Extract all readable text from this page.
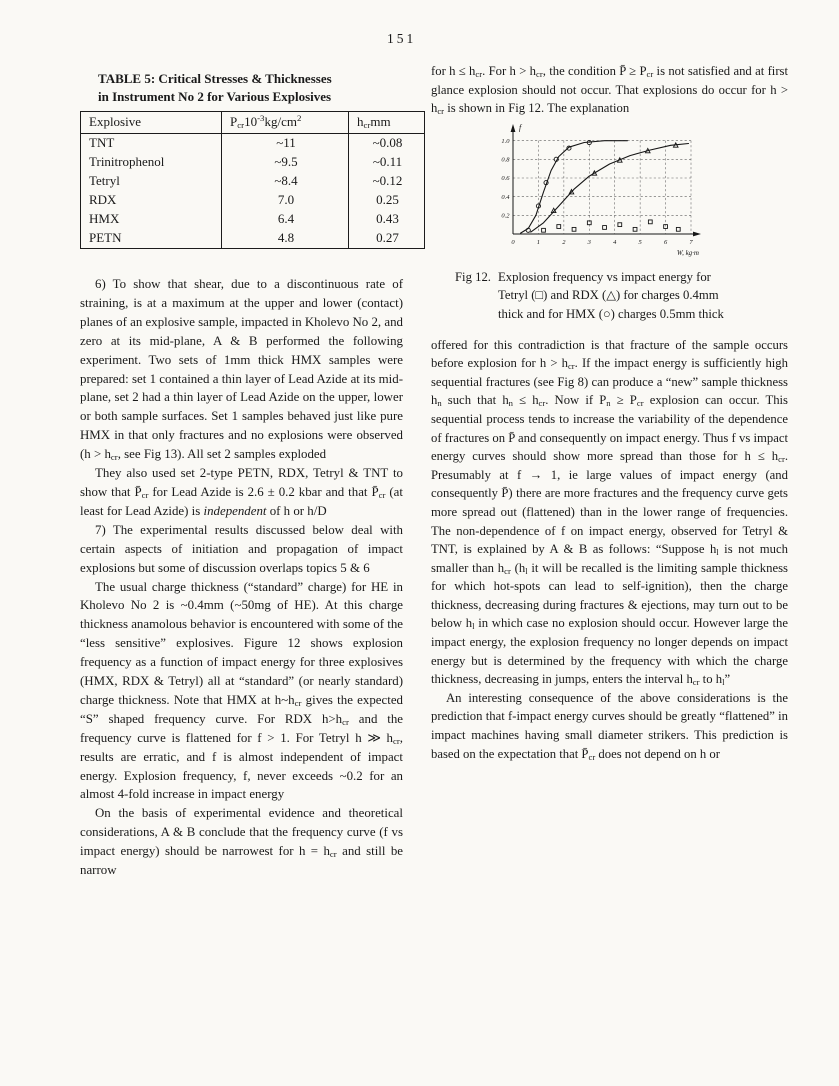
151
TABLE 5: Critical Stresses & Thicknesses
in Instrument No 2 for Various Explosives
Explosive	$P_{cr}10^{-3}kg/cm^2$	$h_{cr}mm$
TNT	~11	~0.08
Trinitrophenol	~9.5	~0.11
Tetryl	~8.4	~0.12
RDX	7.0	0.25
HMX	6.4	0.43
PETN	4.8	0.27

6) To show that shear, due to a discontinuous rate of straining, is at a maximum at the upper and lower (contact) planes of an explosive sample, impacted in Kholevo No 2, and zero at its mid-plane, A & B performed the following experiment. Two sets of 1mm thick HMX samples were prepared: set 1 contained a thin layer of Lead Azide at its mid-plane, set 2 had a thin layer of Lead Azide on the upper, lower or both sample surfaces. Set 1 samples behaved just like pure HMX in that only fractures and no explosions were observed ($h > h_{cr}$, see Fig 13). All set 2 samples exploded

They also used set 2-type PETN, RDX, Tetryl & TNT to show that $P̄_{cr}$ for Lead Azide is 2.6 ± 0.2 kbar and that $P̄_{cr}$ (at least for Lead Azide) is independent of h or h/D

7) The experimental results discussed below deal with certain aspects of initiation and propagation of impact explosions but some of discussion overlaps topics 5 & 6

The usual charge thickness (“standard” charge) for HE in Kholevo No 2 is ~0.4mm (~50mg of HE). At this charge thickness anamolous behavior is encountered with some of the “less sensitive” explosives. Figure 12 shows explosion frequency as a function of impact energy for three explosives (HMX, RDX & Tetryl) all at “standard” (or nearly standard) charge thickness. Note that HMX at $h\sim h_{cr}$ gives the expected “S” shaped frequency curve. For RDX $h>h_{cr}$ and the frequency curve is flattened for f > 1. For Tetryl h ≫ $h_{cr}$, results are erratic, and f is almost independent of impact energy. Explosion frequency, f, never exceeds ~0.2 for an almost 4-fold increase in impact energy

On the basis of experimental evidence and theoretical considerations, A & B conclude that the frequency curve (f vs impact energy) should be narrowest for $h = h_{cr}$ and still be narrow

for $h \le h_{cr}$. For $h > h_{cr}$, the condition P̄ ≥ $P_{cr}$ is not satisfied and at first glance explosion should not occur. That explosions do occur for $h > h_{cr}$ is shown in Fig 12. The explanation

0	1	2	3	4	5	6	7
0.2
0.4
0.6
0.8
1.0
f
W, kg·m
Fig 12. Explosion frequency vs impact energy for Tetryl (□) and RDX (△) for charges 0.4mm thick and for HMX (○) charges 0.5mm thick

offered for this contradiction is that fracture of the sample occurs before explosion for $h > h_{cr}$. If the impact energy is sufficiently high sequential fractures (see Fig 8) can produce a “new” sample thickness $h_n$ such that $h_n \le h_{cr}$. Now if $P_n \ge P_{cr}$ explosion can occur. This sequential process tends to increase the variability of the dependence of fractures on P̄ and consequently on impact energy. Thus f vs impact energy curves should show more spread than those for $h \le h_{cr}$. Presumably at f → 1, ie large values of impact energy (and consequently P̄) there are more fractures and the frequency curve gets more spread out (flattened) than in the lower range of frequencies. The non-dependence of f on impact energy, observed for Tetryl & TNT, is explained by A & B as follows: “Suppose $h_l$ is not much smaller than $h_{cr}$ ($h_l$ it will be recalled is the limiting sample thickness for which hot-spots can lead to self-ignition), then the charge thickness, decreasing during fractures & ejections, may turn out to be below $h_l$ in which case no explosion should occur. However large the impact energy, the explosion frequency no longer depends on impact energy but is determined by the frequency with which the charge thickness, decreasing in jumps, enters the interval $h_{cr}$ to $h_l$”

An interesting consequence of the above considerations is the prediction that f-impact energy curves should be greatly “flattened” in impact machines having small diameter strikers. This prediction is based on the expectation that $P̄_{cr}$ does not depend on h or
